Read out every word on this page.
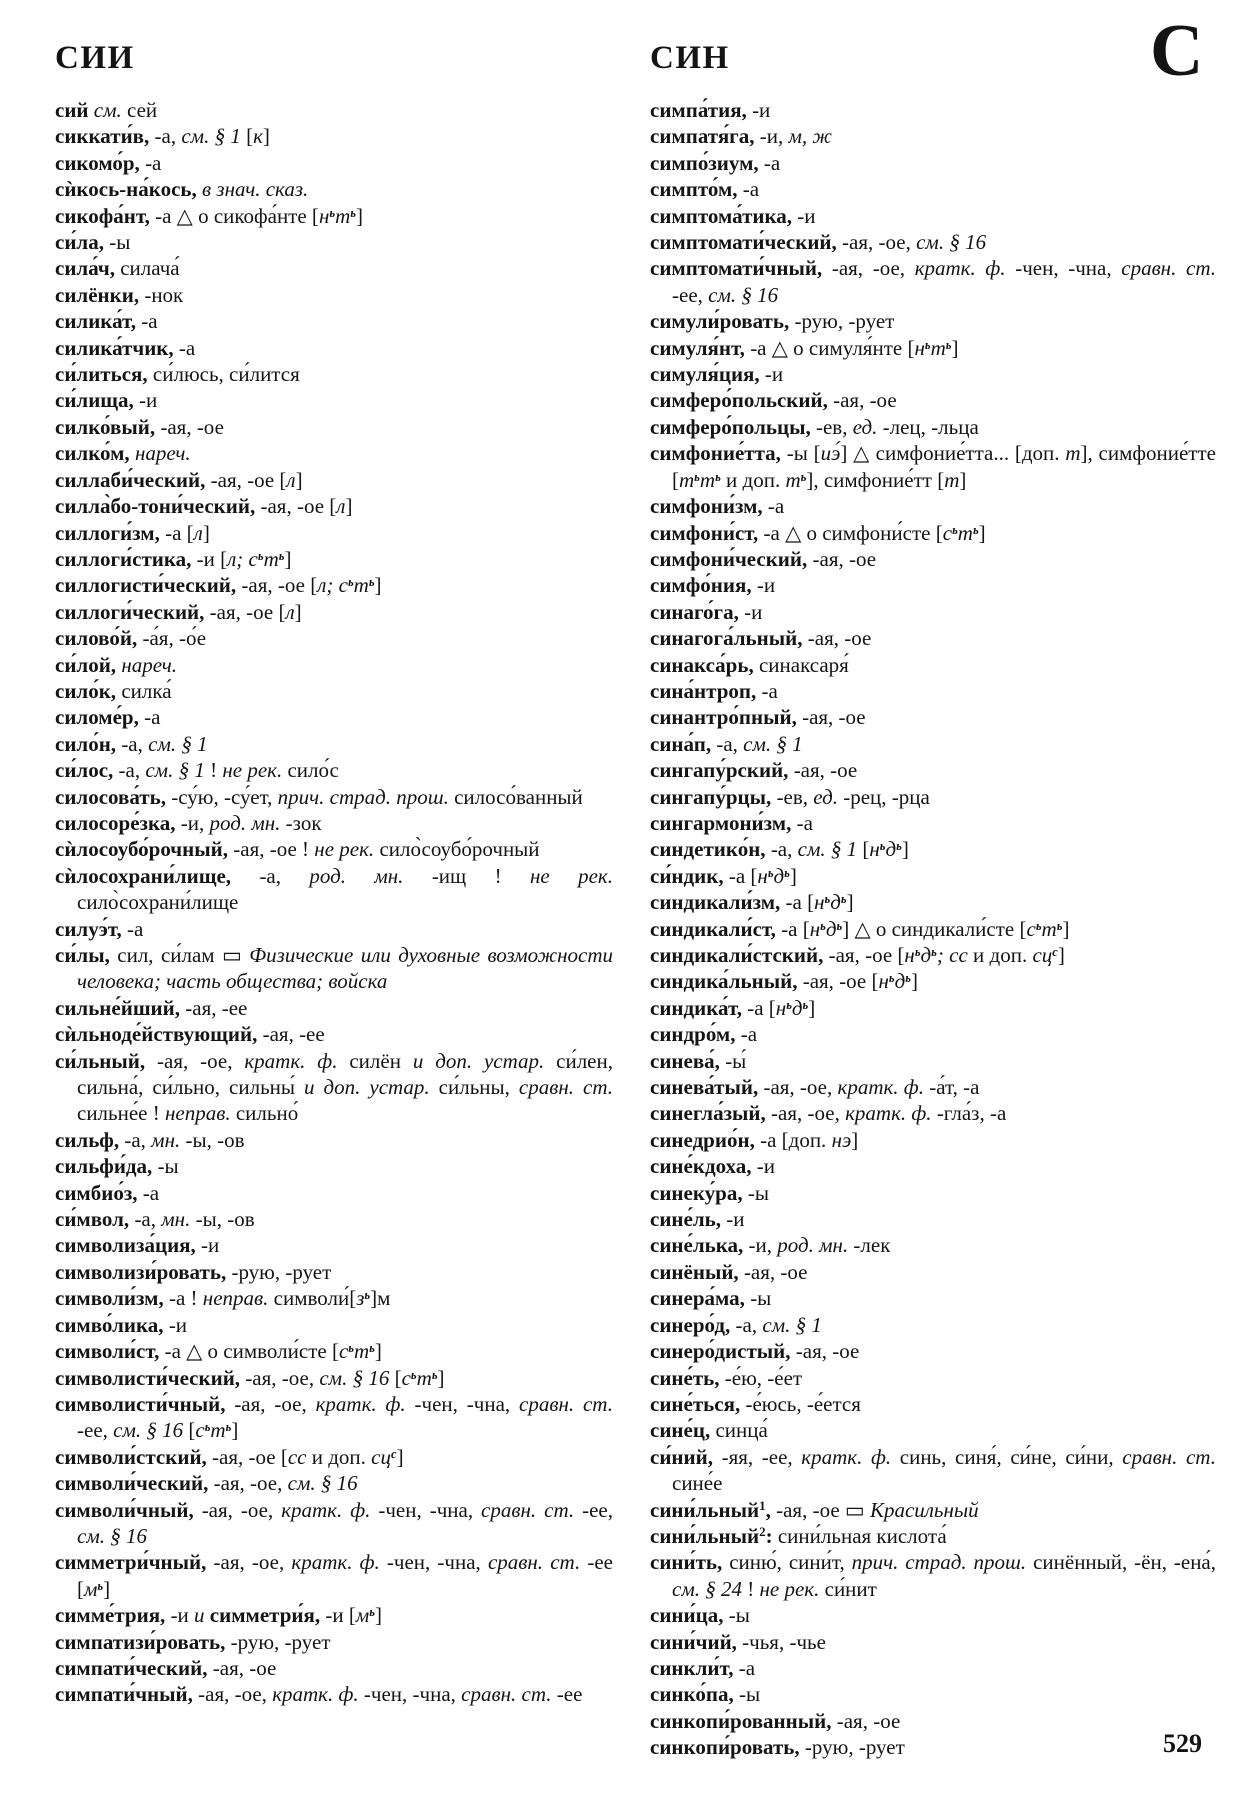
СИИ	СИН	C
сий см. сей
сиккати́в, -а, см. § 1 [к]
сикомо́р, -а
сѝкось-на́кось, в знач. сказ.
сикофа́нт, -а △ о сикофа́нте $[н^ьт^ь]$
си́ла, -ы
сила́ч, силача́
силёнки, -нок
силика́т, -а
силика́тчик, -а
си́литься, си́люсь, си́лится
си́лища, -и
силко́вый, -ая, -ое
силко́м, нареч.
силлаби́ческий, -ая, -ое [л]
силла̀бо-тони́ческий, -ая, -ое [л]
силлоги́зм, -а [л]
силлоги́стика, -и [л; $с^ьт^ь$]
силлогисти́ческий, -ая, -ое [л; $с^ьт^ь$]
силлоги́ческий, -ая, -ое [л]
силово́й, -а́я, -о́е
си́лой, нареч.
сило́к, силка́
силоме́р, -а
сило́н, -а, см. § 1
си́лос, -а, см. § 1 ! не рек. сило́с
силосова́ть, -су́ю, -су́ет, прич. страд. прош. силосо́ванный
силосоре́зка, -и, род. мн. -зок
сѝлосоубо́рочный, -ая, -ое ! не рек. сило̀соубо́рочный
сѝлосохрани́лище, -а, род. мн. -ищ ! не рек. сило̀сохрани́лище
силуэ́т, -а
си́лы, сил, си́лам ▭ Физические или духовные возможности человека; часть общества; войска
сильне́йший, -ая, -ее
сѝльноде́йствующий, -ая, -ее
си́льный, -ая, -ое, кратк. ф. силён и доп. устар. си́лен, сильна́, си́льно, сильны́ и доп. устар. си́льны, сравн. ст. сильне́е ! неправ. сильно́
сильф, -а, мн. -ы, -ов
сильфи́да, -ы
симбио́з, -а
си́мвол, -а, мн. -ы, -ов
символиза́ция, -и
символизи́ровать, -рую, -рует
символи́зм, -а ! неправ. $символи́[з^ь]м$
симво́лика, -и
символи́ст, -а △ о символи́сте $[с^ьт^ь]$
символисти́ческий, -ая, -ое, см. § 16 $[с^ьт^ь]$
символисти́чный, -ая, -ое, кратк. ф. -чен, -чна, сравн. ст. -ее, см. § 16 $[с^ьт^ь]$
символи́стский, -ая, -ое [сс и доп. $сц^с$]
символи́ческий, -ая, -ое, см. § 16
символи́чный, -ая, -ое, кратк. ф. -чен, -чна, сравн. ст. -ее, см. § 16
симметри́чный, -ая, -ое, кратк. ф. -чен, -чна, сравн. ст. -ее $[м^ь]$
симме́трия, -и и симметри́я, -и $[м^ь]$
симпатизи́ровать, -рую, -рует
симпати́ческий, -ая, -ое
симпати́чный, -ая, -ое, кратк. ф. -чен, -чна, сравн. ст. -ее
симпа́тия, -и
симпатя́га, -и, м, ж
симпо́зиум, -а
симпто́м, -а
симптома́тика, -и
симптомати́ческий, -ая, -ое, см. § 16
симптомати́чный, -ая, -ое, кратк. ф. -чен, -чна, сравн. ст. -ее, см. § 16
симули́ровать, -рую, -рует
симуля́нт, -а △ о симуля́нте $[н^ьт^ь]$
симуля́ция, -и
симферо́польский, -ая, -ое
симферо́польцы, -ев, ед. -лец, -льца
симфоние́тта, -ы [иэ́] △ симфоние́тта... [доп. т], симфоние́тте [$т^ьт^ь$ и доп. $т^ь$], симфоние́тт [т]
симфони́зм, -а
симфони́ст, -а △ о симфони́сте $[с^ьт^ь]$
симфони́ческий, -ая, -ое
симфо́ния, -и
синаго́га, -и
синагога́льный, -ая, -ое
синакса́рь, синаксаря́
сина́нтроп, -а
синантро́пный, -ая, -ое
сина́п, -а, см. § 1
сингапу́рский, -ая, -ое
сингапу́рцы, -ев, ед. -рец, -рца
сингармони́зм, -а
синдетико́н, -а, см. § 1 $[н^ьд^ь]$
си́ндик, -а $[н^ьд^ь]$
синдикали́зм, -а $[н^ьд^ь]$
синдикали́ст, -а $[н^ьд^ь]$ △ о синдикали́сте $[с^ьт^ь]$
синдикали́стский, -ая, -ое [$н^ьд^ь$; сс и доп. $сц^с$]
синдика́льный, -ая, -ое $[н^ьд^ь]$
синдика́т, -а $[н^ьд^ь]$
синдро́м, -а
синева́, -ы́
синева́тый, -ая, -ое, кратк. ф. -а́т, -а
синегла́зый, -ая, -ое, кратк. ф. -гла́з, -а
синедрио́н, -а [доп. нэ]
сине́кдоха, -и
синеку́ра, -ы
сине́ль, -и
сине́лька, -и, род. мн. -лек
синёный, -ая, -ое
синера́ма, -ы
синеро́д, -а, см. § 1
синеро́дистый, -ая, -ое
сине́ть, -е́ю, -е́ет
сине́ться, -е́юсь, -е́ется
сине́ц, синца́
си́ний, -яя, -ее, кратк. ф. синь, синя́, си́не, си́ни, сравн. ст. сине́е
сини́льный$^1$, -ая, -ое ▭ Красильный
сини́льный$^2$: сини́льная кислота́
сини́ть, синю́, сини́т, прич. страд. прош. синённый, -ён, -ена́, см. § 24 ! не рек. си́нит
сини́ца, -ы
сини́чий, -чья, -чье
синкли́т, -а
синко́па, -ы
синкопи́рованный, -ая, -ое
синкопи́ровать, -рую, -рует	529
